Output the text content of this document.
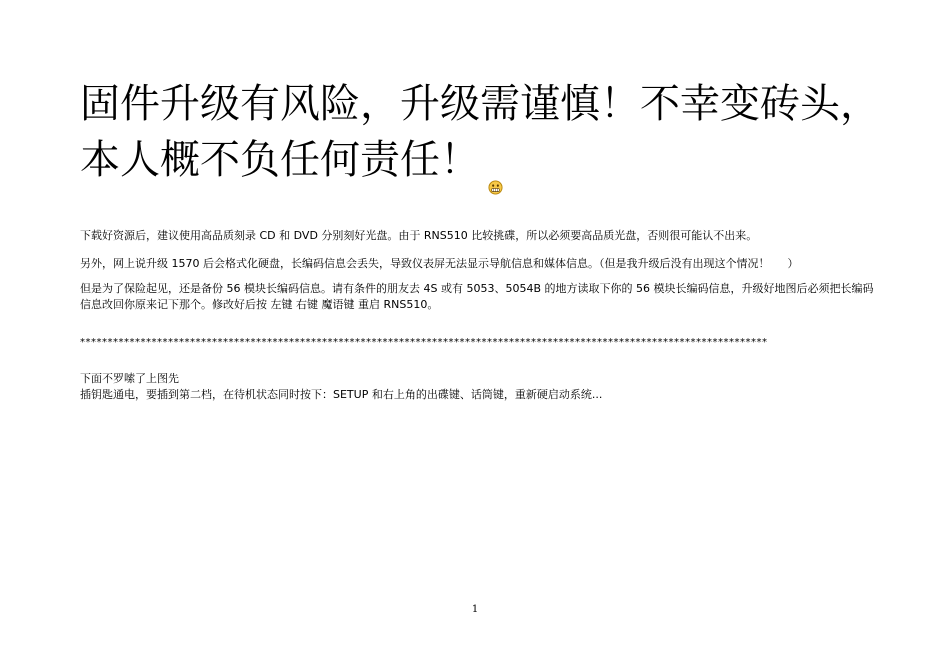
固件升级有风险，升级需谨慎！不幸变砖头，
本人概不负任何责任！
下载好资源后，建议使用高品质刻录 CD 和 DVD 分别刻好光盘。由于 RNS510 比较挑碟，所以必须要高品质光盘，否则很可能认不出来。
另外，网上说升级 1570 后会格式化硬盘，长编码信息会丢失，导致仪表屏无法显示导航信息和媒体信息。（但是我升级后没有出现这个情况！ ）
但是为了保险起见，还是备份 56 模块长编码信息。请有条件的朋友去 4S 或有 5053、5054B 的地方读取下你的 56 模块长编码信息，升级好地图后必须把长编码信息改回你原来记下那个。修改好后按 左键 右键 魔语键 重启 RNS510。
*****************************************************************************************************************************
下面不罗嗦了上图先
插钥匙通电，要插到第二档，在待机状态同时按下：SETUP 和右上角的出碟键、话筒键，重新硬启动系统...
1
